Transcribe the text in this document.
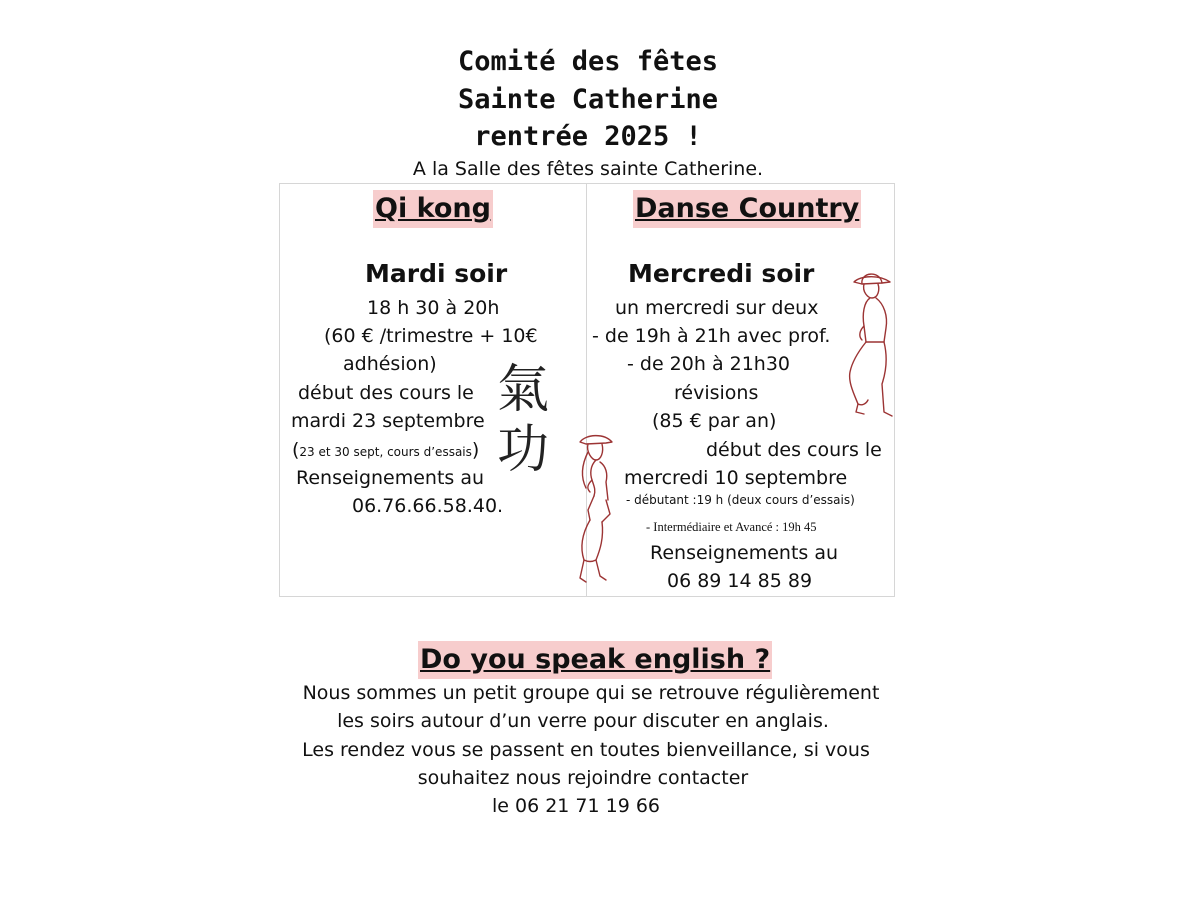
Comité des fêtes
Sainte Catherine
rentrée 2025 !
A la Salle des fêtes sainte Catherine.
Qi kong
Mardi soir
18 h 30 à 20h
(60 € /trimestre + 10€
adhésion)
début des cours le
mardi 23 septembre
(23 et 30 sept, cours d’essais)
Renseignements au
06.76.66.58.40.
氣
功
Danse Country
Mercredi soir
un mercredi sur deux
- de 19h à 21h avec prof.
- de 20h à 21h30
révisions
(85 € par an)
début des cours le
mercredi 10 septembre
- débutant :19 h (deux cours d’essais)
- Intermédiaire et Avancé : 19h 45
Renseignements au
06 89 14 85 89
Do you speak english ?
Nous sommes un petit groupe qui se retrouve régulièrement
les soirs autour d’un verre pour discuter en anglais.
Les rendez vous se passent en toutes bienveillance, si vous
souhaitez nous rejoindre contacter
le 06 21 71 19 66
